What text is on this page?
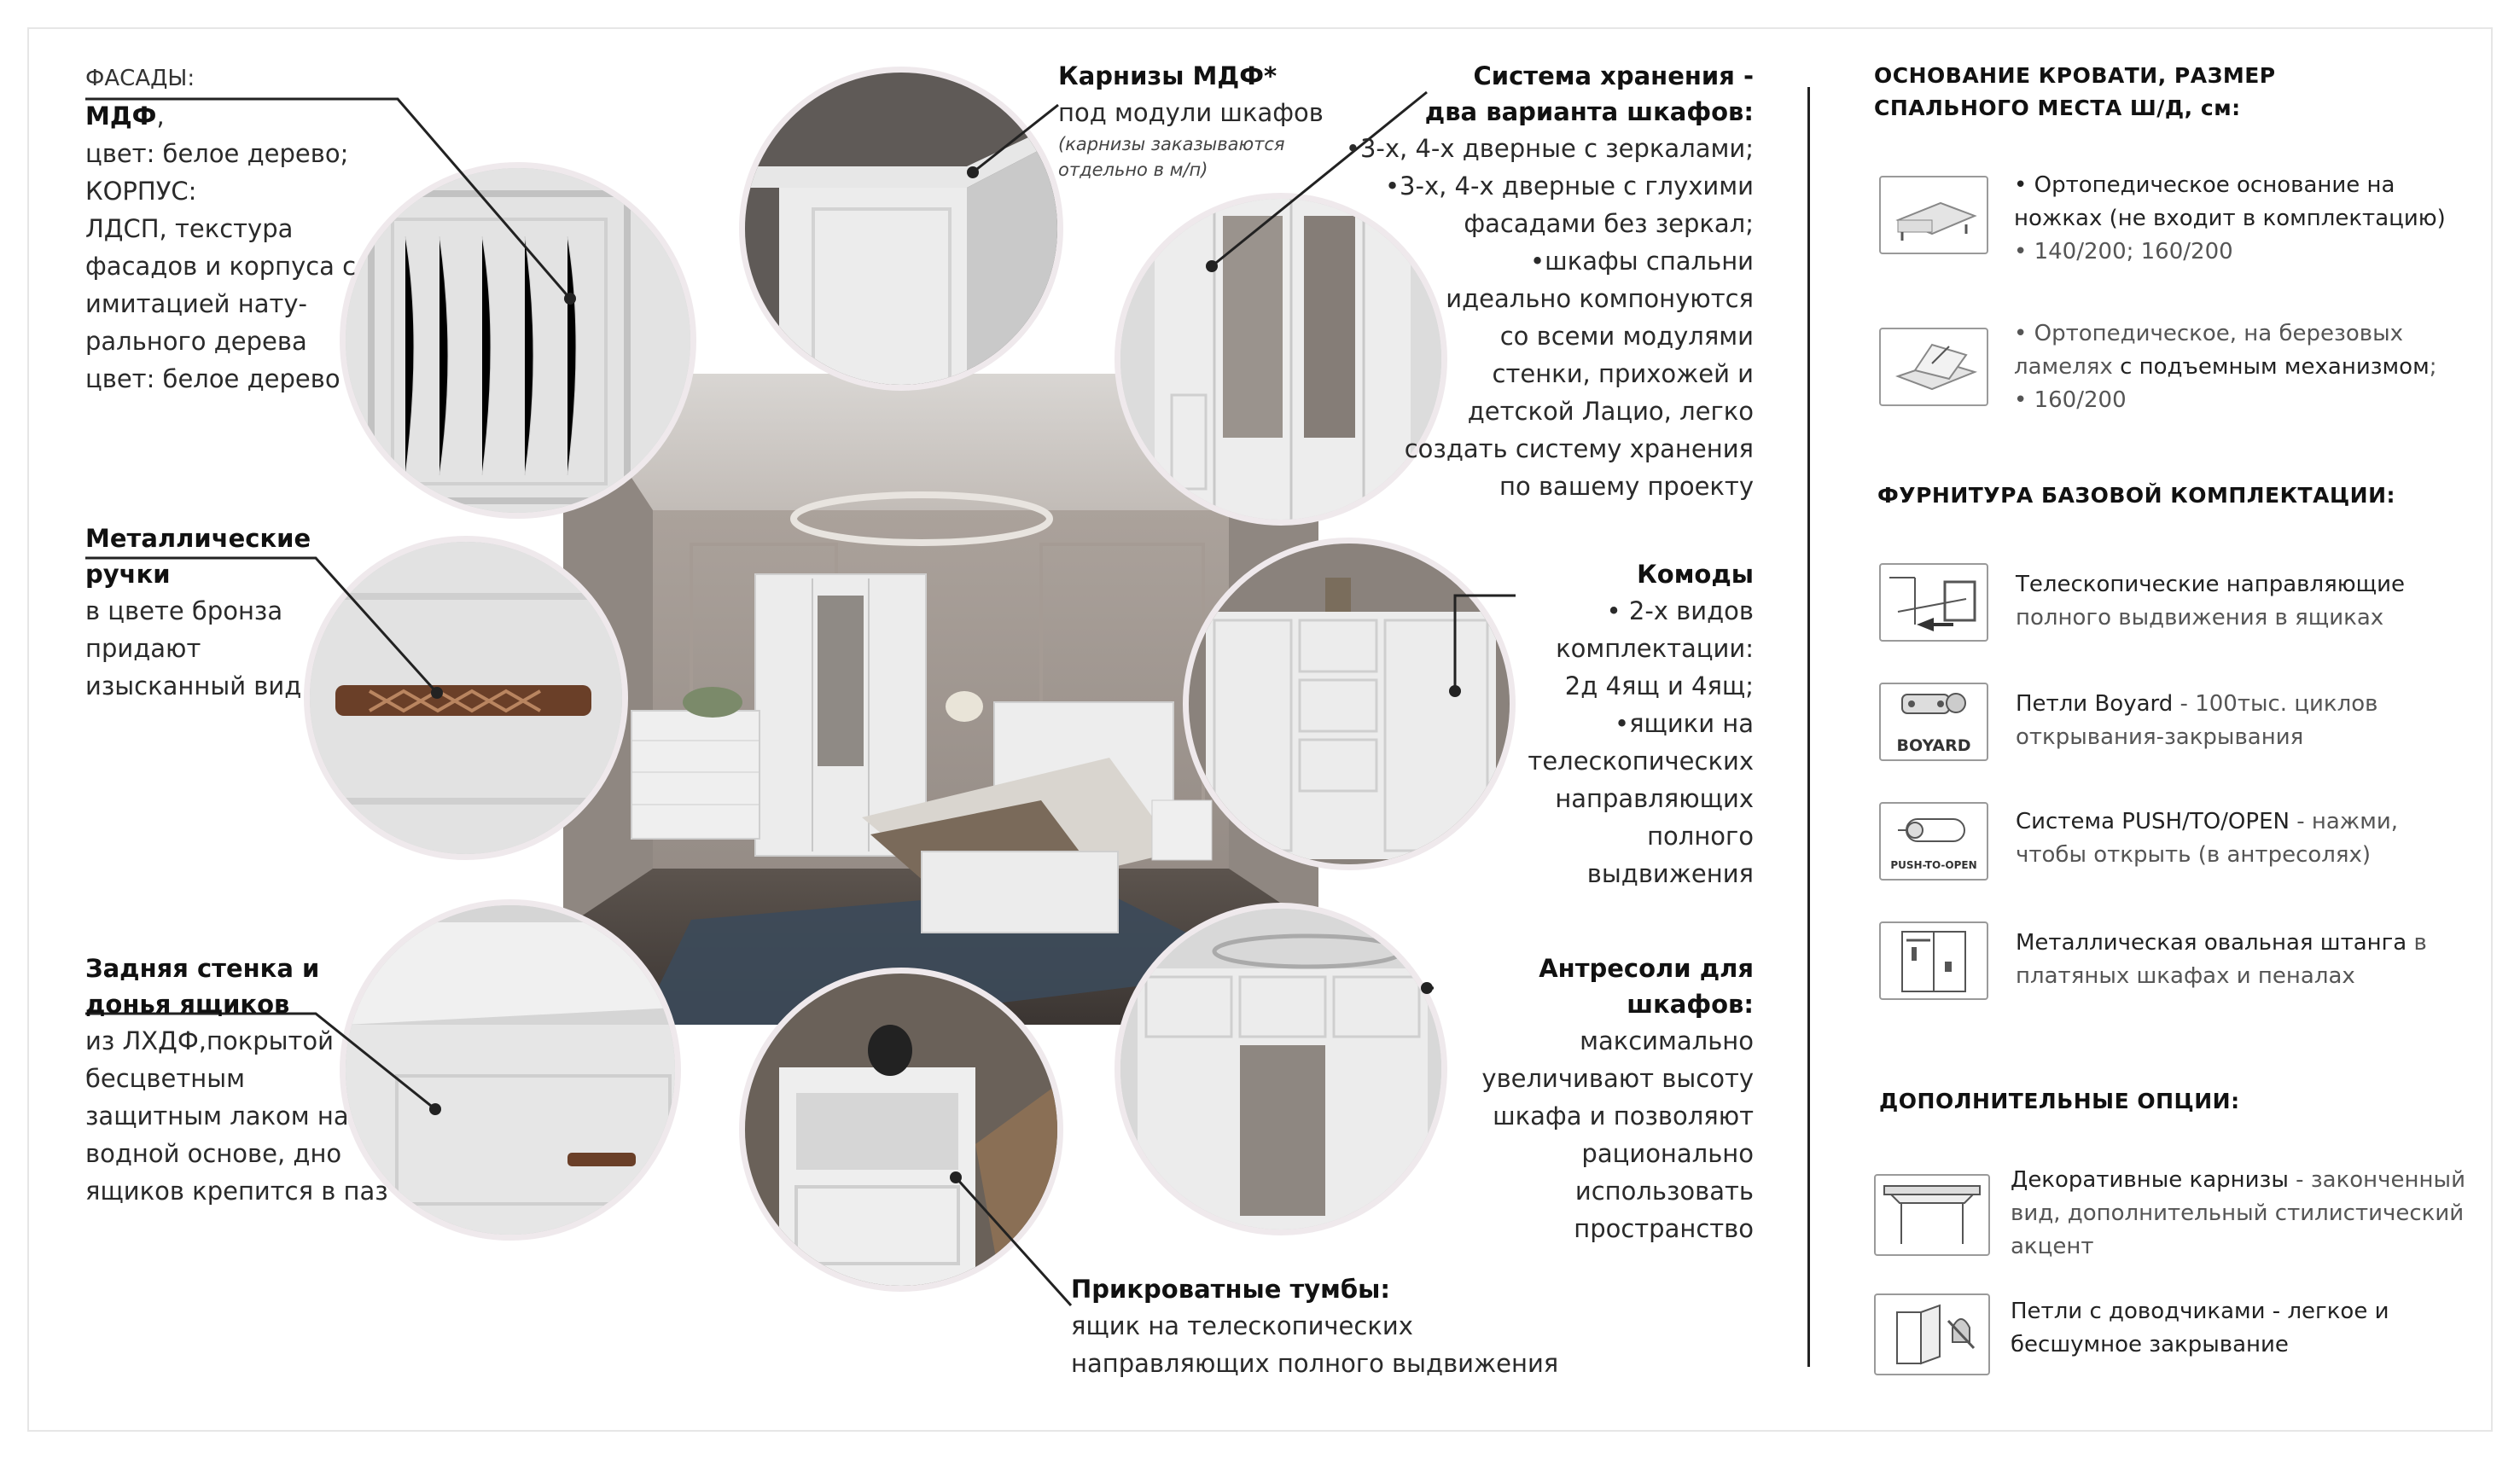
ФАСАДЫ:
МДФ,
цвет: белое дерево;
КОРПУС:
ЛДСП, текстура
фасадов и корпуса с
имитацией нату-
рального дерева
цвет: белое дерево
Карнизы МДФ*
под модули шкафов
(карнизы заказываются
отдельно в м/п)
Система хранения -
два варианта шкафов:
•3-х, 4-х дверные с зеркалами;
•3-х, 4-х дверные с глухими
фасадами без зеркал;
•шкафы спальни
идеально компонуются
со всеми модулями
стенки, прихожей и
детской Лацио, легко
создать систему хранения
по вашему проекту
Металлические
ручки
в цвете бронза
придают
изысканный вид
Комоды
• 2-х видов
комплектации:
2д 4ящ и 4ящ;
•ящики на
телескопических
направляющих
полного
выдвижения
Задняя стенка и
донья ящиков
из ЛХДФ,покрытой
бесцветным
защитным лаком на
водной основе, дно
ящиков крепится в паз
Антресоли для
шкафов:
максимально
увеличивают высоту
шкафа и позволяют
рационально
использовать
пространство
Прикроватные тумбы:
ящик на телескопических
направляющих полного выдвижения
ОСНОВАНИЕ КРОВАТИ, РАЗМЕР
СПАЛЬНОГО МЕСТА Ш/Д, см:
• Ортопедическое основание на
ножках (не входит в комплектацию)
• 140/200; 160/200
• Ортопедическое, на березовых
ламелях с подъемным механизмом;
• 160/200
ФУРНИТУРА БАЗОВОЙ КОМПЛЕКТАЦИИ:
Телескопические направляющие
полного выдвижения в ящиках
BOYARD
Петли Boyard - 100тыс. циклов
открывания-закрывания
PUSH-TO-OPEN
Система PUSH/TO/OPEN - нажми,
чтобы открыть (в антресолях)
Металлическая овальная штанга в
платяных шкафах и пеналах
ДОПОЛНИТЕЛЬНЫЕ ОПЦИИ:
Декоративные карнизы - законченный
вид, дополнительный стилистический
акцент
Петли с доводчиками - легкое и
бесшумное закрывание
